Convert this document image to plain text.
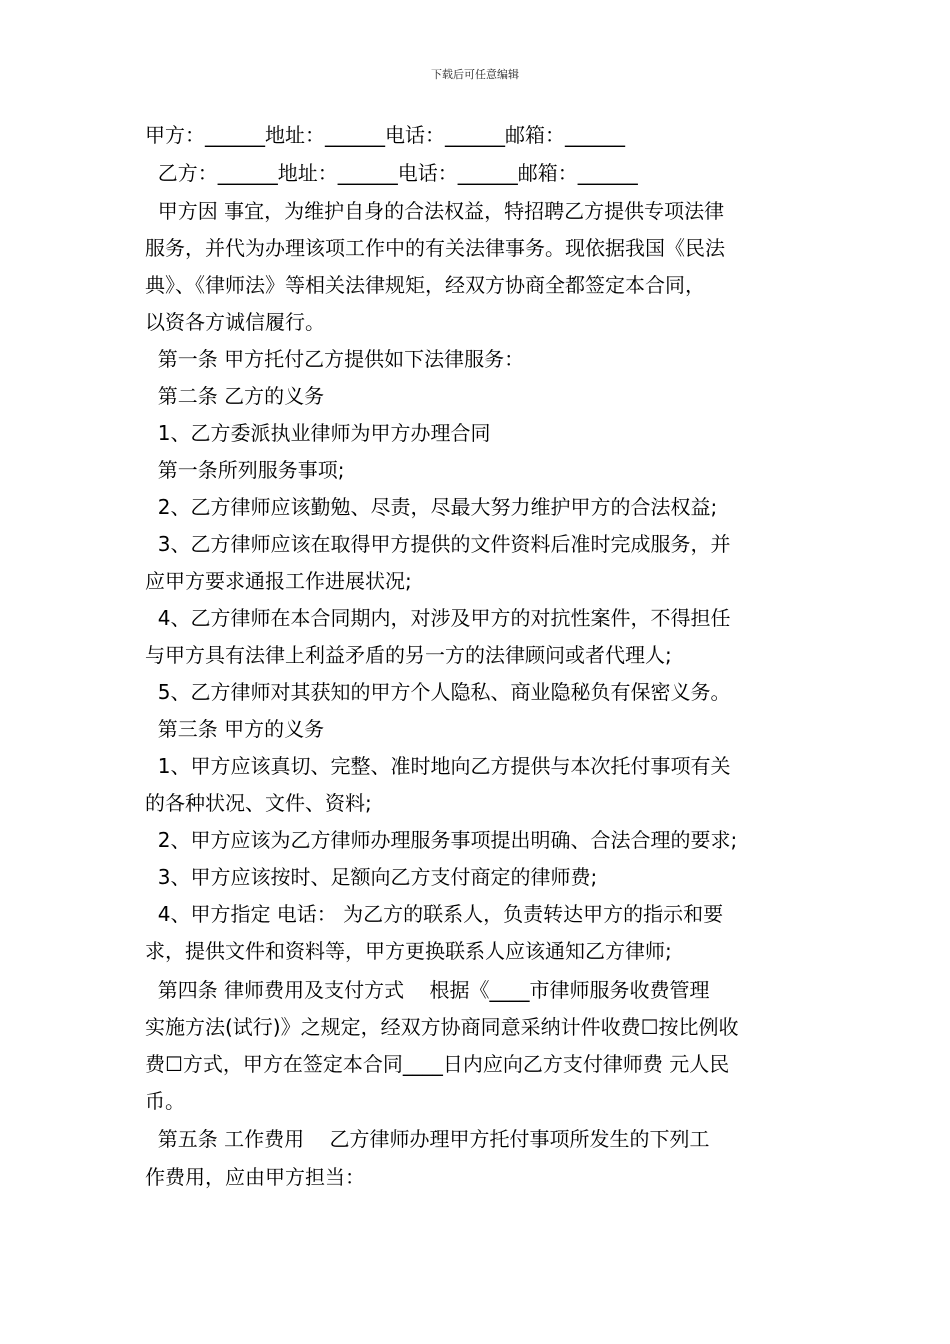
下载后可任意编辑
甲方：______地址：______电话：______邮箱：______
乙方：______地址：______电话：______邮箱：______
甲方因 事宜，为维护自身的合法权益，特招聘乙方提供专项法律
服务，并代为办理该项工作中的有关法律事务。现依据我国《民法
典》、《律师法》等相关法律规矩，经双方协商全都签定本合同，
以资各方诚信履行。
第一条 甲方托付乙方提供如下法律服务：
第二条 乙方的义务
1、乙方委派执业律师为甲方办理合同
第一条所列服务事项;
2、乙方律师应该勤勉、尽责，尽最大努力维护甲方的合法权益;
3、乙方律师应该在取得甲方提供的文件资料后准时完成服务，并
应甲方要求通报工作进展状况;
4、乙方律师在本合同期内，对涉及甲方的对抗性案件，不得担任
与甲方具有法律上利益矛盾的另一方的法律顾问或者代理人;
5、乙方律师对其获知的甲方个人隐私、商业隐秘负有保密义务。
第三条 甲方的义务
1、甲方应该真切、完整、准时地向乙方提供与本次托付事项有关
的各种状况、文件、资料;
2、甲方应该为乙方律师办理服务事项提出明确、合法合理的要求;
3、甲方应该按时、足额向乙方支付商定的律师费;
4、甲方指定 电话： 为乙方的联系人，负责转达甲方的指示和要
求，提供文件和资料等，甲方更换联系人应该通知乙方律师;
第四条 律师费用及支付方式    根据《____市律师服务收费管理
实施方法(试行)》之规定，经双方协商同意采纳计件收费☐按比例收
费☐方式，甲方在签定本合同____日内应向乙方支付律师费 元人民
币。
第五条 工作费用    乙方律师办理甲方托付事项所发生的下列工
作费用，应由甲方担当：
